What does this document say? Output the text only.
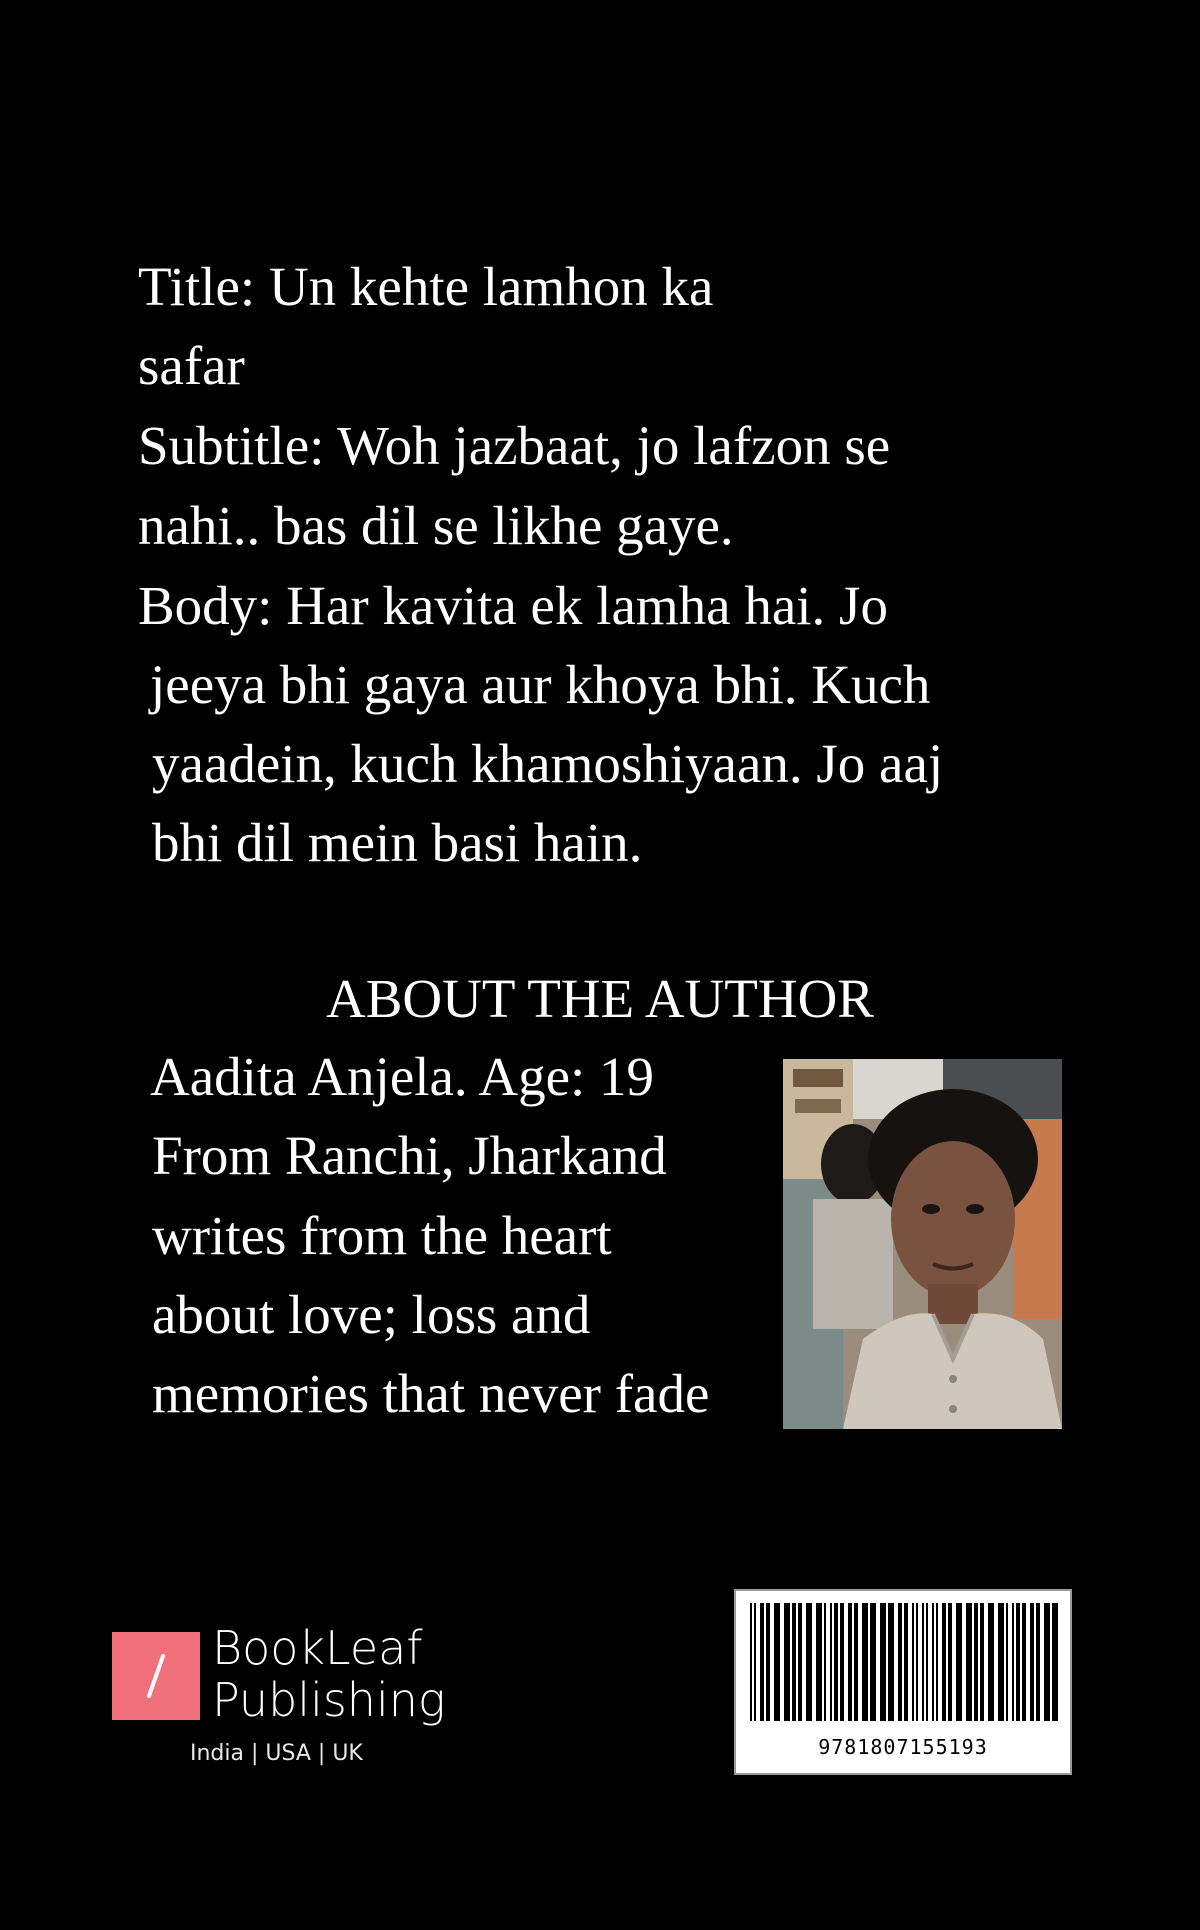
Title: Un kehte lamhon ka
safar
Subtitle: Woh jazbaat, jo lafzon se
nahi.. bas dil se likhe gaye.
Body: Har kavita ek lamha hai. Jo
jeeya bhi gaya aur khoya bhi. Kuch
yaadein, kuch khamoshiyaan. Jo aaj
bhi dil mein basi hain.
ABOUT THE AUTHOR
Aadita Anjela. Age: 19
From Ranchi, Jharkand
writes from the heart
about love; loss and
memories that never fade
BookLeaf
Publishing
India | USA | UK	9781807155193
